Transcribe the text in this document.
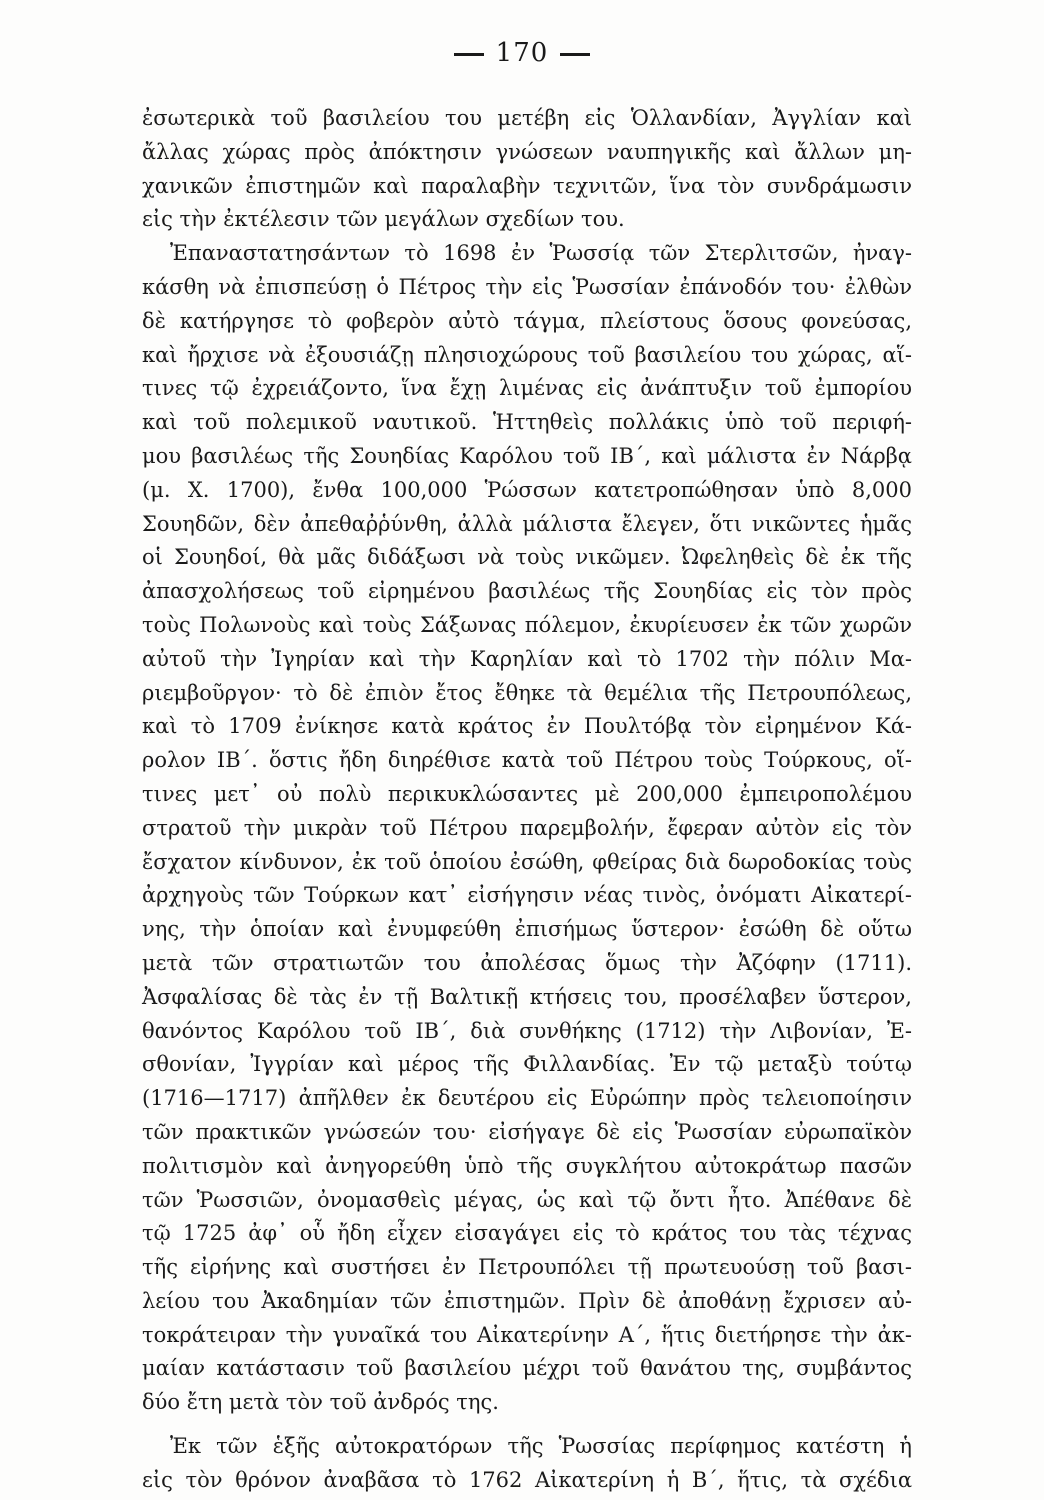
170
ἐσωτερικὰ τοῦ βασιλείου του μετέβη εἰς Ὁλλανδίαν, Ἀγγλίαν καὶ
ἄλλας χώρας πρὸς ἀπόκτησιν γνώσεων ναυπηγικῆς καὶ ἄλλων μη-
χανικῶν ἐπιστημῶν καὶ παραλαβὴν τεχνιτῶν, ἵνα τὸν συνδράμωσιν
εἰς τὴν ἐκτέλεσιν τῶν μεγάλων σχεδίων του.
Ἐπαναστατησάντων τὸ 1698 ἐν Ῥωσσίᾳ τῶν Στερλιτσῶν, ἠναγ-
κάσθη νὰ ἐπισπεύσῃ ὁ Πέτρος τὴν εἰς Ῥωσσίαν ἐπάνοδόν του· ἐλθὼν
δὲ κατήργησε τὸ φοβερὸν αὐτὸ τάγμα, πλείστους ὅσους φονεύσας,
καὶ ἤρχισε νὰ ἐξουσιάζῃ πλησιοχώρους τοῦ βασιλείου του χώρας, αἵ-
τινες τῷ ἐχρειάζοντο, ἵνα ἔχῃ λιμένας εἰς ἀνάπτυξιν τοῦ ἐμπορίου
καὶ τοῦ πολεμικοῦ ναυτικοῦ. Ἡττηθεὶς πολλάκις ὑπὸ τοῦ περιφή-
μου βασιλέως τῆς Σουηδίας Καρόλου τοῦ ΙΒ΄, καὶ μάλιστα ἐν Νάρβᾳ
(μ. Χ. 1700), ἔνθα 100,000 Ῥώσσων κατετροπώθησαν ὑπὸ 8,000
Σουηδῶν, δὲν ἀπεθαῤῥύνθη, ἀλλὰ μάλιστα ἔλεγεν, ὅτι νικῶντες ἡμᾶς
οἱ Σουηδοί, θὰ μᾶς διδάξωσι νὰ τοὺς νικῶμεν. Ὠφεληθεὶς δὲ ἐκ τῆς
ἀπασχολήσεως τοῦ εἰρημένου βασιλέως τῆς Σουηδίας εἰς τὸν πρὸς
τοὺς Πολωνοὺς καὶ τοὺς Σάξωνας πόλεμον, ἐκυρίευσεν ἐκ τῶν χωρῶν
αὐτοῦ τὴν Ἰγηρίαν καὶ τὴν Καρηλίαν καὶ τὸ 1702 τὴν πόλιν Μα-
ριεμβοῦργον· τὸ δὲ ἐπιὸν ἔτος ἔθηκε τὰ θεμέλια τῆς Πετρουπόλεως,
καὶ τὸ 1709 ἐνίκησε κατὰ κράτος ἐν Πουλτόβᾳ τὸν εἰρημένον Κά-
ρολον ΙΒ΄. ὅστις ἤδη διηρέθισε κατὰ τοῦ Πέτρου τοὺς Τούρκους, οἵ-
τινες μετ᾽ οὐ πολὺ περικυκλώσαντες μὲ 200,000 ἐμπειροπολέμου
στρατοῦ τὴν μικρὰν τοῦ Πέτρου παρεμβολήν, ἔφεραν αὐτὸν εἰς τὸν
ἔσχατον κίνδυνον, ἐκ τοῦ ὁποίου ἐσώθη, φθείρας διὰ δωροδοκίας τοὺς
ἀρχηγοὺς τῶν Τούρκων κατ᾽ εἰσήγησιν νέας τινὸς, ὀνόματι Αἰκατερί-
νης, τὴν ὁποίαν καὶ ἐνυμφεύθη ἐπισήμως ὕστερον· ἐσώθη δὲ οὕτω
μετὰ τῶν στρατιωτῶν του ἀπολέσας ὅμως τὴν Ἀζόφην (1711).
Ἀσφαλίσας δὲ τὰς ἐν τῇ Βαλτικῇ κτήσεις του, προσέλαβεν ὕστερον,
θανόντος Καρόλου τοῦ ΙΒ΄, διὰ συνθήκης (1712) τὴν Λιβονίαν, Ἐ-
σθονίαν, Ἰγγρίαν καὶ μέρος τῆς Φιλλανδίας. Ἐν τῷ μεταξὺ τούτῳ
(1716—1717) ἀπῆλθεν ἐκ δευτέρου εἰς Εὐρώπην πρὸς τελειοποίησιν
τῶν πρακτικῶν γνώσεών του· εἰσήγαγε δὲ εἰς Ῥωσσίαν εὐρωπαϊκὸν
πολιτισμὸν καὶ ἀνηγορεύθη ὑπὸ τῆς συγκλήτου αὐτοκράτωρ πασῶν
τῶν Ῥωσσιῶν, ὀνομασθεὶς μέγας, ὡς καὶ τῷ ὄντι ἦτο. Ἀπέθανε δὲ
τῷ 1725 ἀφ᾽ οὗ ἤδη εἶχεν εἰσαγάγει εἰς τὸ κράτος του τὰς τέχνας
τῆς εἰρήνης καὶ συστήσει ἐν Πετρουπόλει τῇ πρωτευούσῃ τοῦ βασι-
λείου του Ἀκαδημίαν τῶν ἐπιστημῶν. Πρὶν δὲ ἀποθάνῃ ἔχρισεν αὐ-
τοκράτειραν τὴν γυναῖκά του Αἰκατερίνην Α΄, ἥτις διετήρησε τὴν ἀκ-
μαίαν κατάστασιν τοῦ βασιλείου μέχρι τοῦ θανάτου της, συμβάντος
δύο ἔτη μετὰ τὸν τοῦ ἀνδρός της.
Ἐκ τῶν ἑξῆς αὐτοκρατόρων τῆς Ῥωσσίας περίφημος κατέστη ἡ
εἰς τὸν θρόνον ἀναβᾶσα τὸ 1762 Αἰκατερίνη ἡ Β΄, ἥτις, τὰ σχέδια
